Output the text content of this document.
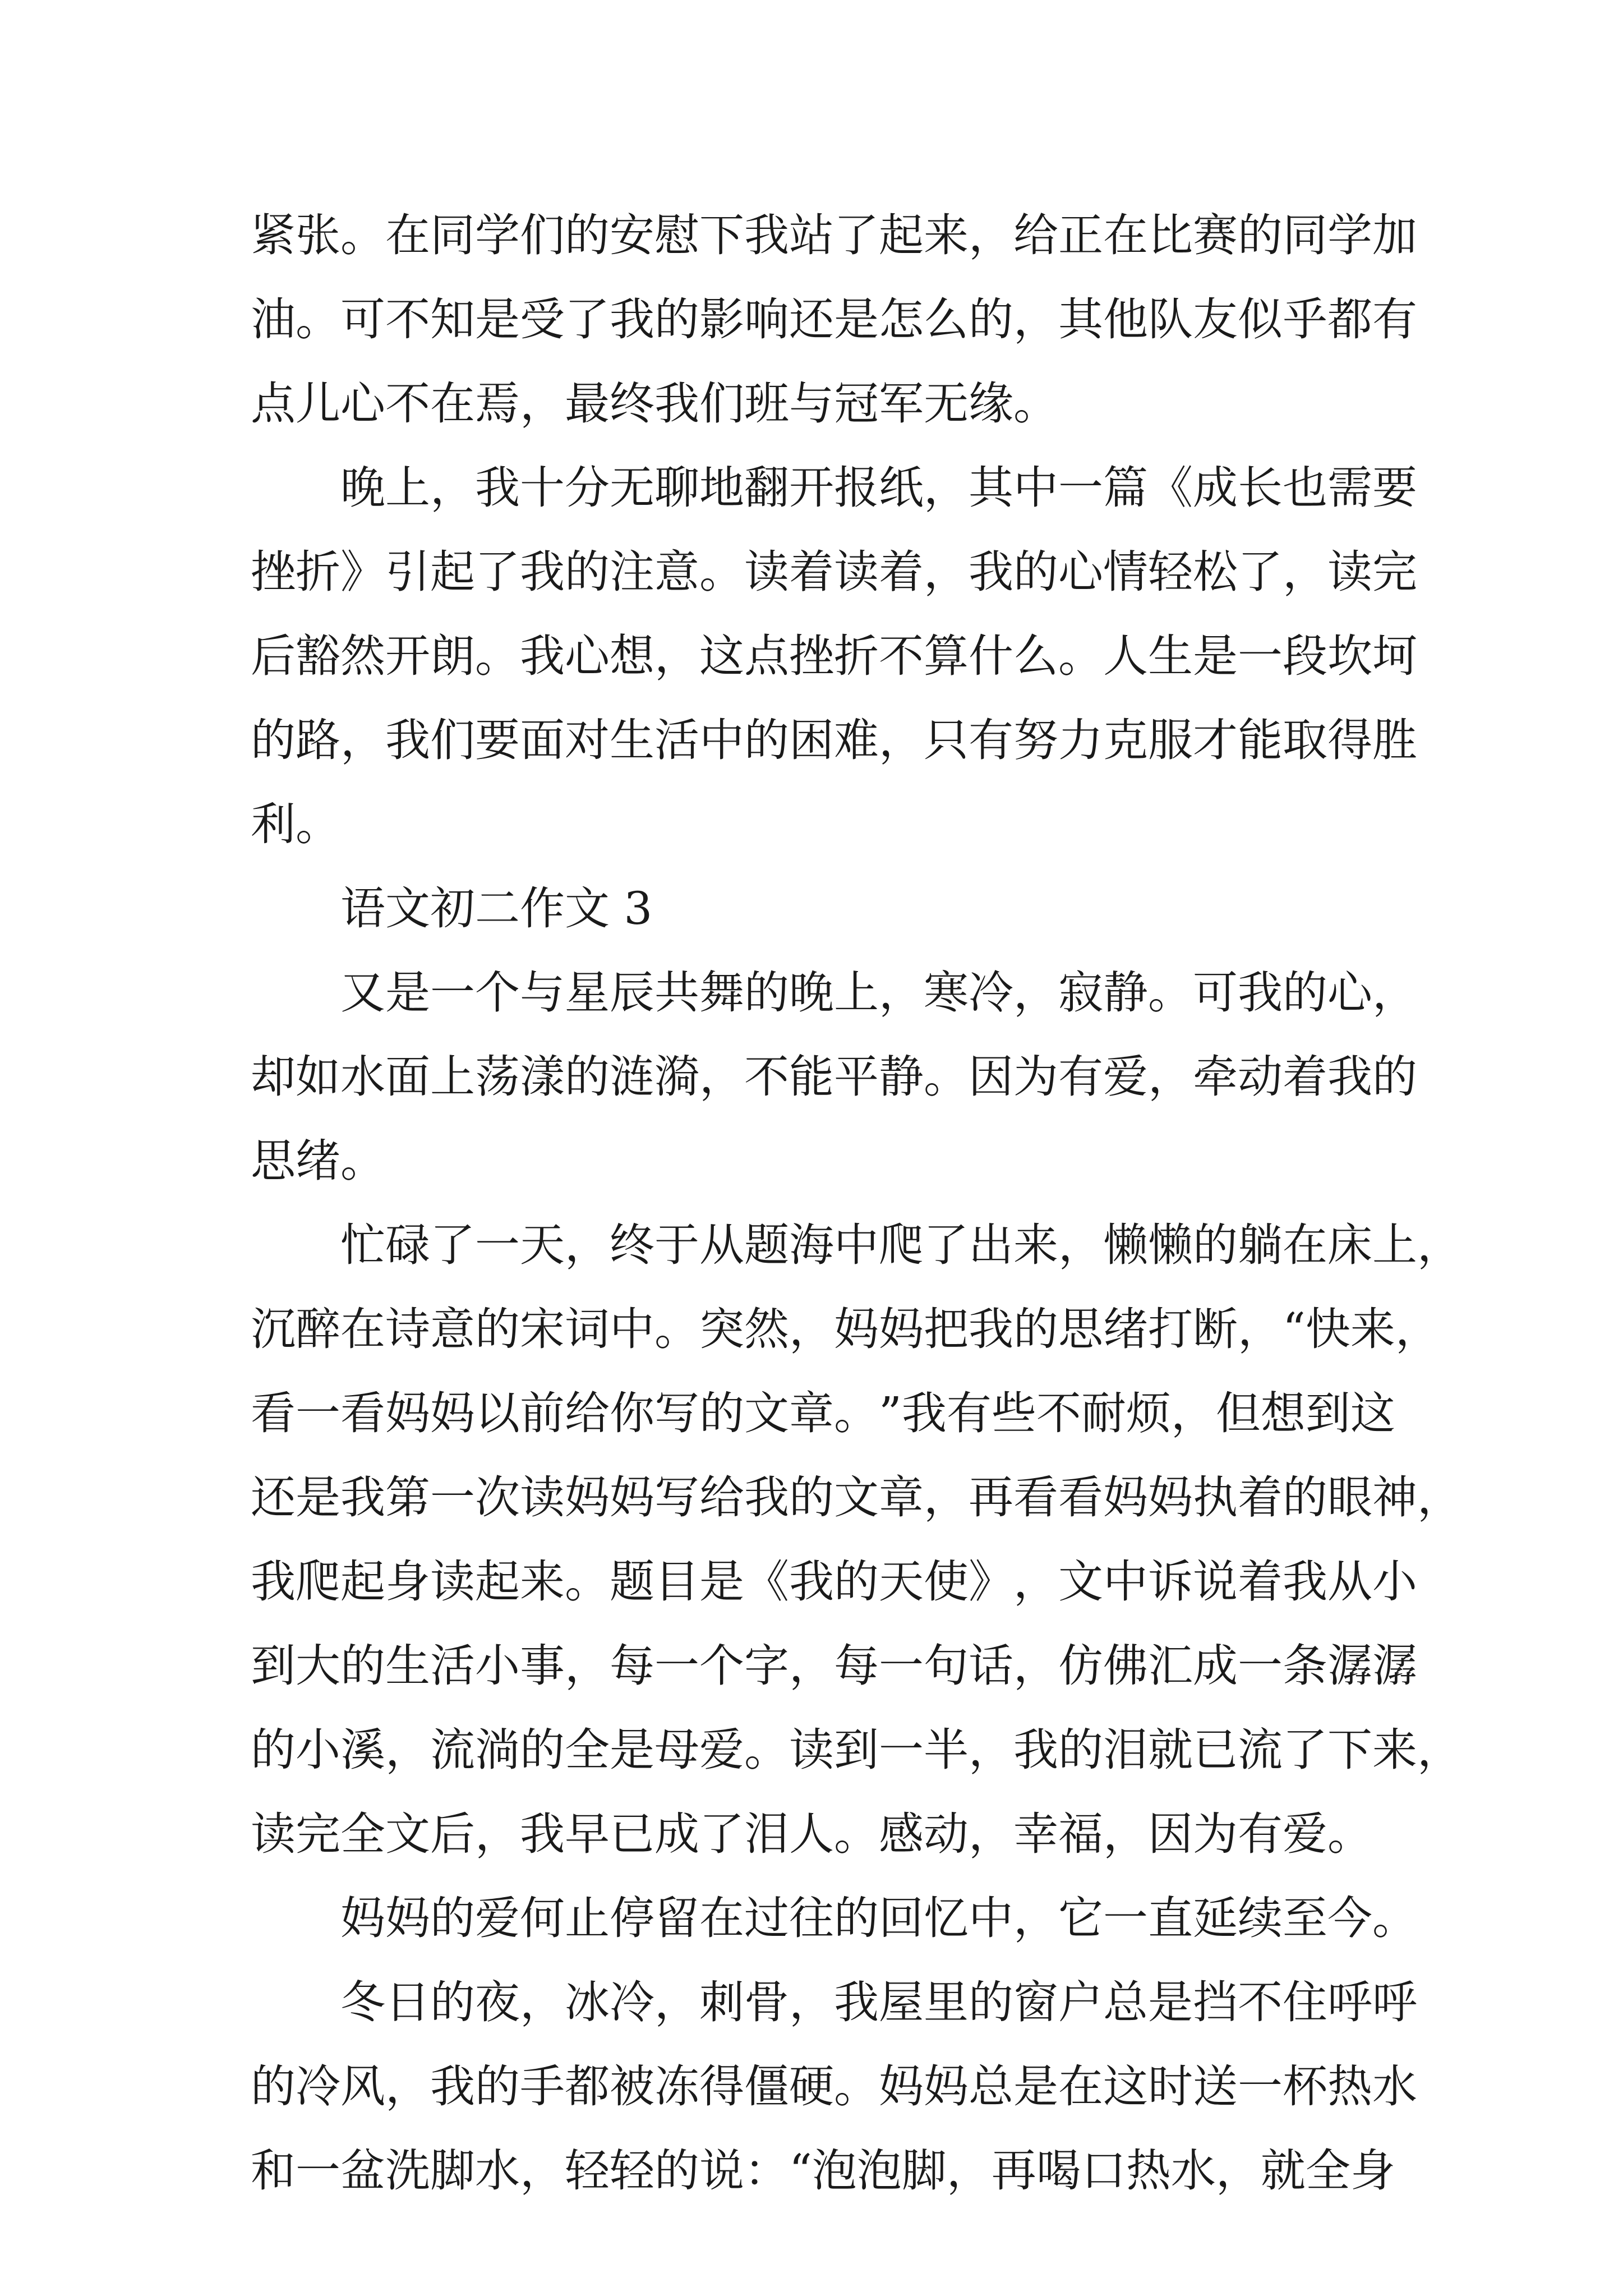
紧 张 。 在 同 学 们 的 安 慰 下 我 站 了 起 来 ， 给 正 在 比 赛 的 同 学 加
油 。 可 不 知 是 受 了 我 的 影 响 还 是 怎 么 的 ， 其 他 队 友 似 乎 都 有
点儿心不在焉，最终我们班与冠军无缘。
晚 上 ， 我 十 分 无 聊 地 翻 开 报 纸 ， 其 中 一 篇 《 成 长 也 需 要
挫 折 》 引 起 了 我 的 注 意 。 读 着 读 着 ， 我 的 心 情 轻 松 了 ， 读 完
后 豁 然 开 朗 。 我 心 想 ， 这 点 挫 折 不 算 什 么 。 人 生 是 一 段 坎 坷
的 路 ， 我 们 要 面 对 生 活 中 的 困 难 ， 只 有 努 力 克 服 才 能 取 得 胜
利。
语文初二作文 3
又 是 一 个 与 星 辰 共 舞 的 晚 上 ， 寒 冷 ， 寂 静 。 可 我 的 心 ，
却 如 水 面 上 荡 漾 的 涟 漪 ， 不 能 平 静 。 因 为 有 爱 ， 牵 动 着 我 的
思绪。
忙 碌 了 一 天 ， 终 于 从 题 海 中 爬 了 出 来 ， 懒 懒 的 躺 在 床 上 ，
沉 醉 在 诗 意 的 宋 词 中 。 突 然 ， 妈 妈 把 我 的 思 绪 打 断 ， “ 快 来 ，
看 一 看 妈 妈 以 前 给 你 写 的 文 章 。 ” 我 有 些 不 耐 烦 ， 但 想 到 这
还 是 我 第 一 次 读 妈 妈 写 给 我 的 文 章 ， 再 看 看 妈 妈 执 着 的 眼 神 ，
我 爬 起 身 读 起 来 。 题 目 是 《 我 的 天 使 》 ， 文 中 诉 说 着 我 从 小
到 大 的 生 活 小 事 ， 每 一 个 字 ， 每 一 句 话 ， 仿 佛 汇 成 一 条 潺 潺
的 小 溪 ， 流 淌 的 全 是 母 爱 。 读 到 一 半 ， 我 的 泪 就 已 流 了 下 来 ，
读完全文后，我早已成了泪人。感动，幸福，因为有爱。
妈 妈 的 爱 何 止 停 留 在 过 往 的 回 忆 中 ， 它 一 直 延 续 至 今 。
冬 日 的 夜 ， 冰 冷 ， 刺 骨 ， 我 屋 里 的 窗 户 总 是 挡 不 住 呼 呼
的 冷 风 ， 我 的 手 都 被 冻 得 僵 硬 。 妈 妈 总 是 在 这 时 送 一 杯 热 水
和一盆洗脚水，轻轻的说：“泡泡脚，再喝口热水，就全身
